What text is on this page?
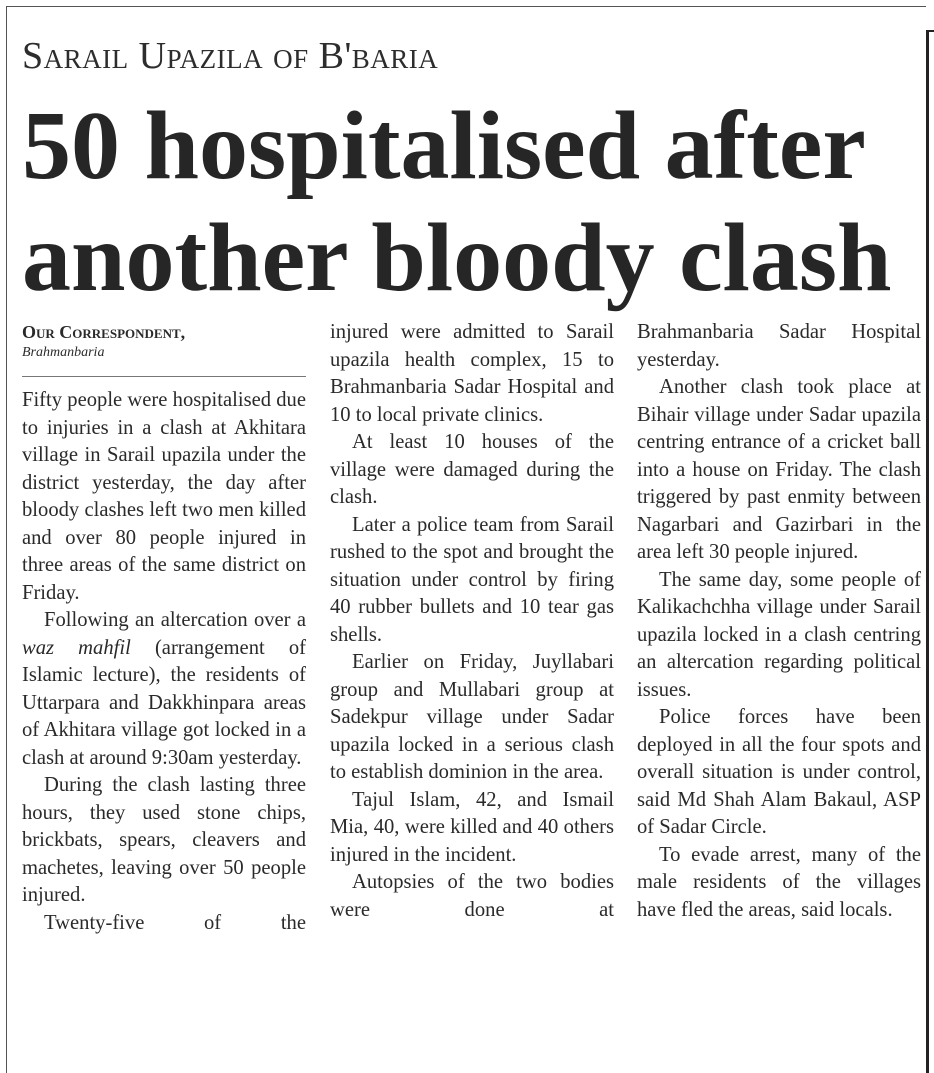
Sarail Upazila of B'baria
50 hospitalised after
another bloody clash
Our Correspondent,
Brahmanbaria

Fifty people were hospitalised due to injuries in a clash at Akhitara village in Sarail upazila under the district yesterday, the day after bloody clashes left two men killed and over 80 people injured in three areas of the same district on Friday.

Following an altercation over a waz mahfil (arrangement of Islamic lecture), the residents of Uttarpara and Dakkhinpara areas of Akhitara village got locked in a clash at around 9:30am yesterday.

During the clash lasting three hours, they used stone chips, brickbats, spears, cleavers and machetes, leaving over 50 people injured.

Twenty-five of the

injured were admitted to Sarail upazila health complex, 15 to Brahmanbaria Sadar Hospital and 10 to local private clinics.

At least 10 houses of the village were damaged during the clash.

Later a police team from Sarail rushed to the spot and brought the situation under control by firing 40 rubber bullets and 10 tear gas shells.

Earlier on Friday, Juyllabari group and Mullabari group at Sadekpur village under Sadar upazila locked in a serious clash to establish dominion in the area.

Tajul Islam, 42, and Ismail Mia, 40, were killed and 40 others injured in the incident.

Autopsies of the two bodies were done at

Brahmanbaria Sadar Hospital yesterday.

Another clash took place at Bihair village under Sadar upazila centring entrance of a cricket ball into a house on Friday. The clash triggered by past enmity between Nagarbari and Gazirbari in the area left 30 people injured.

The same day, some people of Kalikachchha village under Sarail upazila locked in a clash centring an altercation regarding political issues.

Police forces have been deployed in all the four spots and overall situation is under control, said Md Shah Alam Bakaul, ASP of Sadar Circle.

To evade arrest, many of the male residents of the villages have fled the areas, said locals.
